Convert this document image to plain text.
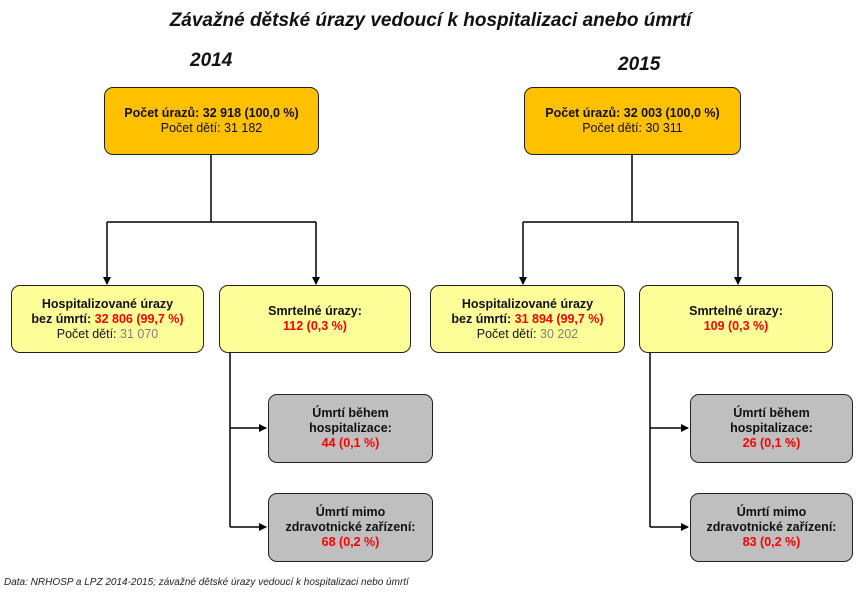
Závažné dětské úrazy vedoucí k hospitalizaci anebo úmrtí
2014	2015
Počet úrazů: 32 918 (100,0 %)
Počet dětí: 31 182
Hospitalizované úrazy
bez úmrtí: 32 806 (99,7 %)
Počet dětí: 31 070
Smrtelné úrazy:
112 (0,3 %)
Úmrtí během
hospitalizace:
44 (0,1 %)
Úmrtí mimo
zdravotnické zařízení:
68 (0,2 %)
Počet úrazů: 32 003 (100,0 %)
Počet dětí: 30 311
Hospitalizované úrazy
bez úmrtí: 31 894 (99,7 %)
Počet dětí: 30 202
Smrtelné úrazy:
109 (0,3 %)
Úmrtí během
hospitalizace:
26 (0,1 %)
Úmrtí mimo
zdravotnické zařízení:
83 (0,2 %)
Data: NRHOSP a LPZ 2014-2015; závažné dětské úrazy vedoucí k hospitalizaci nebo úmrtí
